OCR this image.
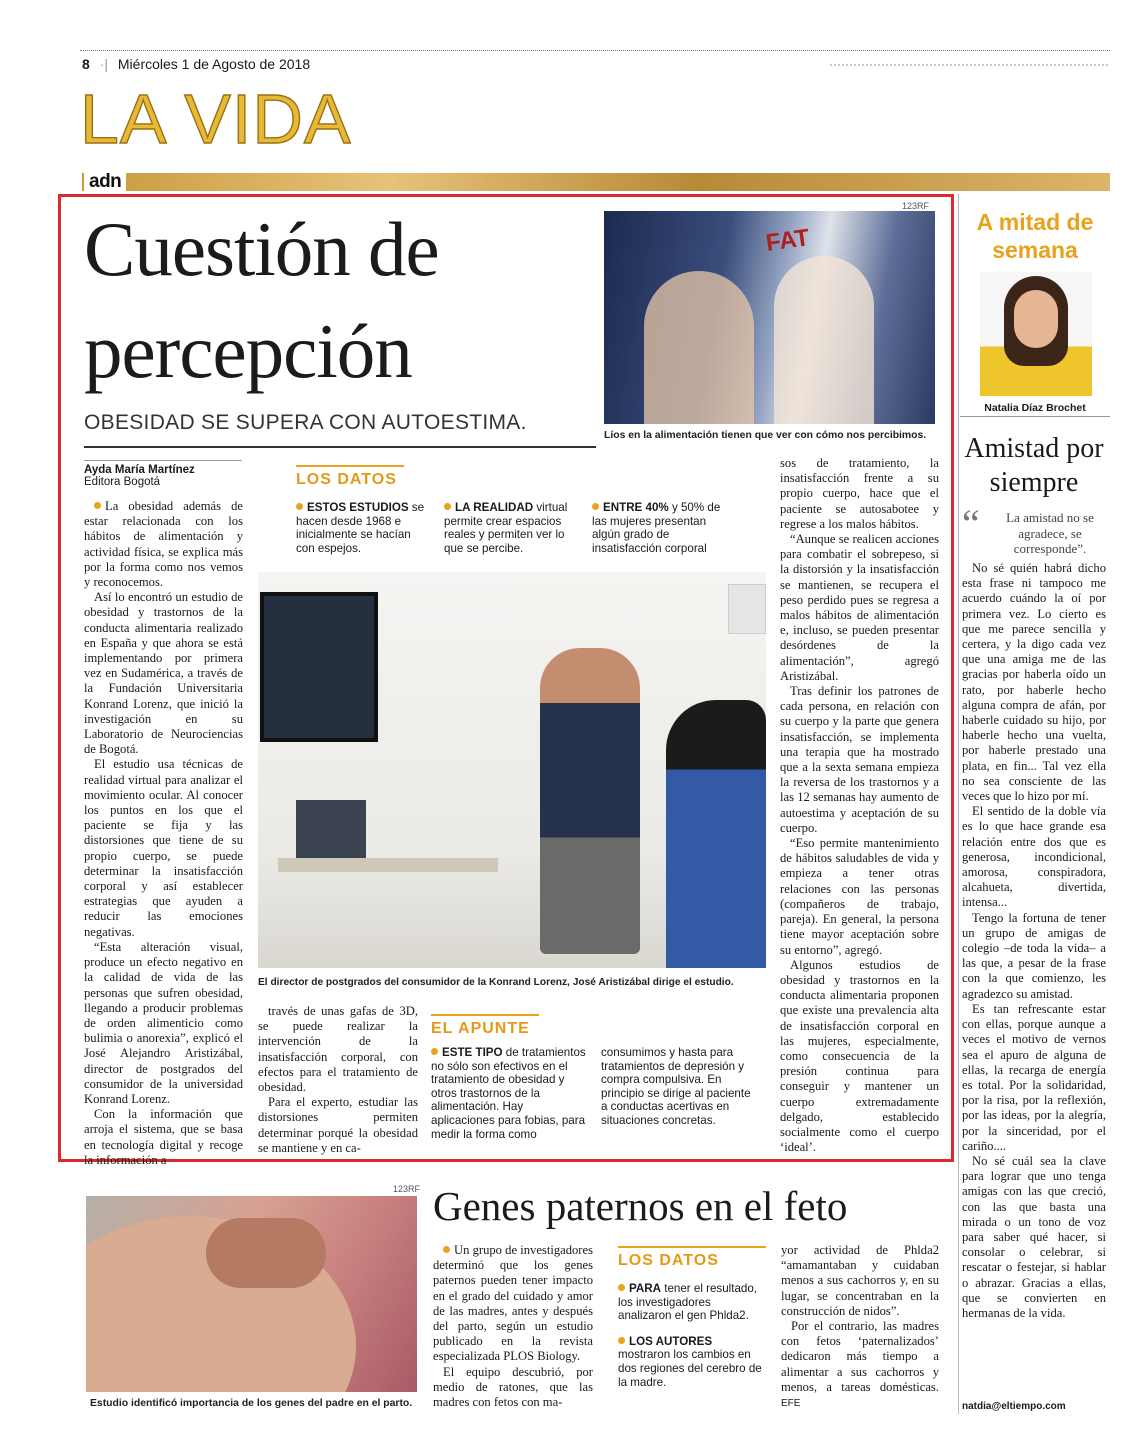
8 ·| Miércoles 1 de Agosto de 2018
LA VIDA
adn
Cuestión de
percepción
OBESIDAD SE SUPERA CON AUTOESTIMA.
123RF
FAT
Líos en la alimentación tienen que ver con cómo nos percibimos.
Ayda María Martínez
Editora Bogotá

La obesidad además de estar relacionada con los hábitos de alimentación y actividad física, se explica más por la forma como nos vemos y reconocemos.

Así lo encontró un estudio de obesidad y trastornos de la conducta alimentaria realizado en España y que ahora se está implementando por primera vez en Sudamérica, a través de la Fundación Universitaria Konrand Lorenz, que inició la investigación en su Laboratorio de Neurociencias de Bogotá.

El estudio usa técnicas de realidad virtual para analizar el movimiento ocular. Al conocer los puntos en los que el paciente se fija y las distorsiones que tiene de su propio cuerpo, se puede determinar la insatisfacción corporal y así establecer estrategias que ayuden a reducir las emociones negativas.

“Esta alteración visual, produce un efecto negativo en la calidad de vida de las personas que sufren obesidad, llegando a producir problemas de orden alimenticio como bulimia o anorexia”, explicó el José Alejandro Aristizábal, director de postgrados del consumidor de la universidad Konrand Lorenz.

Con la información que arroja el sistema, que se basa en tecnología digital y recoge la información a

LOS DATOS
ESTOS ESTUDIOS se hacen desde 1968 e inicialmente se hacían con espejos.
LA REALIDAD virtual permite crear espacios reales y permiten ver lo que se percibe.
ENTRE 40% y 50% de las mujeres presentan algún grado de insatisfacción corporal
El director de postgrados del consumidor de la Konrand Lorenz, José Aristizábal dirige el estudio.

través de unas gafas de 3D, se puede realizar la intervención de la insatisfacción corporal, con efectos para el tratamiento de obesidad.

Para el experto, estudiar las distorsiones permiten determinar porqué la obesidad se mantiene y en ca-

EL APUNTE
ESTE TIPO de tratamientos no sólo son efectivos en el tratamiento de obesidad y otros trastornos de la alimentación. Hay aplicaciones para fobias, para medir la forma como
consumimos y hasta para tratamientos de depresión y compra compulsiva. En principio se dirige al paciente a conductas acertivas en situaciones concretas.

sos de tratamiento, la insatisfacción frente a su propio cuerpo, hace que el paciente se autosabotee y regrese a los malos hábitos.

“Aunque se realicen acciones para combatir el sobrepeso, si la distorsión y la insatisfacción se mantienen, se recupera el peso perdido pues se regresa a malos hábitos de alimentación e, incluso, se pueden presentar desórdenes de la alimentación”, agregó Aristizábal.

Tras definir los patrones de cada persona, en relación con su cuerpo y la parte que genera insatisfacción, se implementa una terapia que ha mostrado que a la sexta semana empieza la reversa de los trastornos y a las 12 semanas hay aumento de autoestima y aceptación de su cuerpo.

“Eso permite mantenimiento de hábitos saludables de vida y empieza a tener otras relaciones con las personas (compañeros de trabajo, pareja). En general, la persona tiene mayor aceptación sobre su entorno”, agregó.

Algunos estudios de obesidad y trastornos en la conducta alimentaria proponen que existe una prevalencia alta de insatisfacción corporal en las mujeres, especialmente, como consecuencia de la presión continua para conseguir y mantener un cuerpo extremadamente delgado, establecido socialmente como el cuerpo ‘ideal’.

A mitad de
semana
Natalia Díaz Brochet
Amistad por
siempre
“	La amistad no se agradece, se corresponde”.

No sé quién habrá dicho esta frase ni tampoco me acuerdo cuándo la oí por primera vez. Lo cierto es que me parece sencilla y certera, y la digo cada vez que una amiga me de las gracias por haberla oído un rato, por haberle hecho alguna compra de afán, por haberle cuidado su hijo, por haberle hecho una vuelta, por haberle prestado una plata, en fin... Tal vez ella no sea consciente de las veces que lo hizo por mí.

El sentido de la doble vía es lo que hace grande esa relación entre dos que es generosa, incondicional, amorosa, conspiradora, alcahueta, divertida, intensa...

Tengo la fortuna de tener un grupo de amigas de colegio –de toda la vida– a las que, a pesar de la frase con la que comienzo, les agradezco su amistad.

Es tan refrescante estar con ellas, porque aunque a veces el motivo de vernos sea el apuro de alguna de ellas, la recarga de energía es total. Por la solidaridad, por la risa, por la reflexión, por las ideas, por la alegría, por la sinceridad, por el cariño....

No sé cuál sea la clave para lograr que uno tenga amigas con las que creció, con las que basta una mirada o un tono de voz para saber qué hacer, si consolar o celebrar, si rescatar o festejar, si hablar o abrazar. Gracias a ellas, que se convierten en hermanas de la vida.

natdia@eltiempo.com
123RF
Estudio identificó importancia de los genes del padre en el parto.
Genes paternos en el feto

Un grupo de investigadores determinó que los genes paternos pueden tener impacto en el grado del cuidado y amor de las madres, antes y después del parto, según un estudio publicado en la revista especializada PLOS Biology.

El equipo descubrió, por medio de ratones, que las madres con fetos con ma-

LOS DATOS
PARA tener el resultado, los investigadores analizaron el gen Phlda2.
LOS AUTORES mostraron los cambios en dos regiones del cerebro de la madre.

yor actividad de Phlda2 “amamantaban y cuidaban menos a sus cachorros y, en su lugar, se concentraban en la construcción de nidos”.

Por el contrario, las madres con fetos ‘paternalizados’ dedicaron más tiempo a alimentar a sus cachorros y menos, a tareas domésticas. EFE
